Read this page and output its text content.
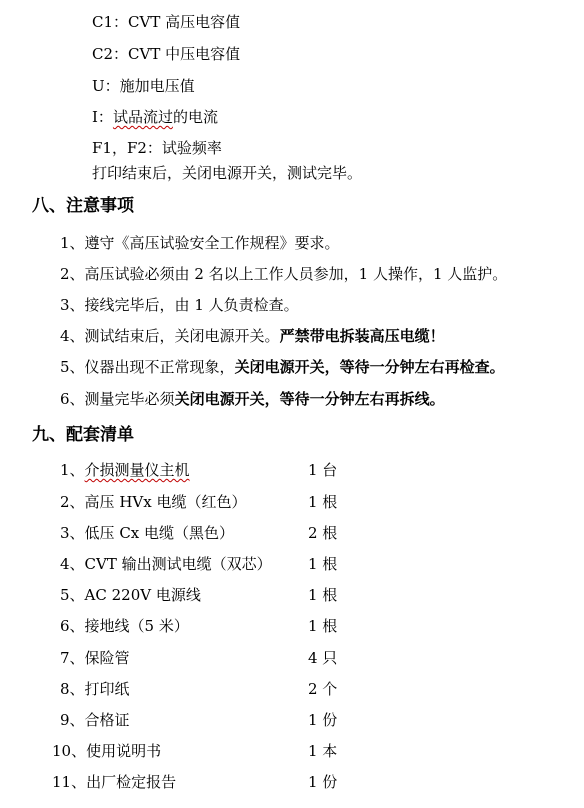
C1：CVT 高压电容值
C2：CVT 中压电容值
U：施加电压值
I：试品流过的电流
F1，F2：试验频率
打印结束后，关闭电源开关，测试完毕。
八、注意事项
1、遵守《高压试验安全工作规程》要求。
2、高压试验必须由 2 名以上工作人员参加，1 人操作，1 人监护。
3、接线完毕后，由 1 人负责检查。
4、测试结束后，关闭电源开关。严禁带电拆装高压电缆！
5、仪器出现不正常现象，关闭电源开关，等待一分钟左右再检查。
6、测量完毕必须关闭电源开关，等待一分钟左右再拆线。
九、配套清单
1、介损测量仪主机	1 台
2、高压 HVx 电缆（红色）	1 根
3、低压 Cx 电缆（黑色）	2 根
4、CVT 输出测试电缆（双芯） 1 根
5、AC 220V 电源线	1 根
6、接地线（5 米）	1 根
7、保险管	4 只
8、打印纸	2 个
9、合格证	1 份
10、使用说明书	1 本
11、出厂检定报告	1 份
